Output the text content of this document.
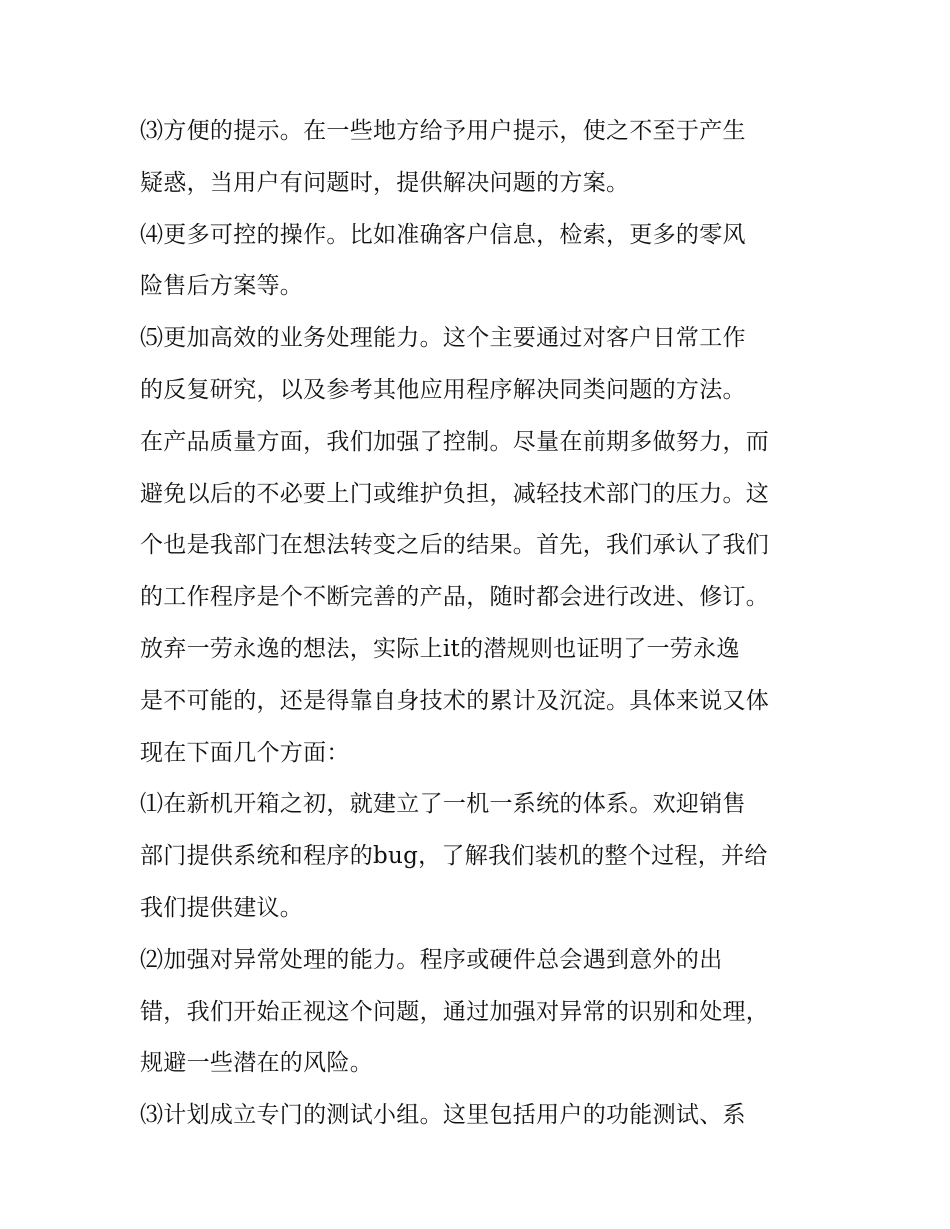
⑶方便的提示。在一些地方给予用户提示，使之不至于产生
疑惑，当用户有问题时，提供解决问题的方案。
⑷更多可控的操作。比如准确客户信息，检索，更多的零风
险售后方案等。
⑸更加高效的业务处理能力。这个主要通过对客户日常工作
的反复研究，以及参考其他应用程序解决同类问题的方法。
在产品质量方面，我们加强了控制。尽量在前期多做努力，而
避免以后的不必要上门或维护负担，减轻技术部门的压力。这
个也是我部门在想法转变之后的结果。首先，我们承认了我们
的工作程序是个不断完善的产品，随时都会进行改进、修订。
放弃一劳永逸的想法，实际上it的潜规则也证明了一劳永逸
是不可能的，还是得靠自身技术的累计及沉淀。具体来说又体
现在下面几个方面：
⑴在新机开箱之初，就建立了一机一系统的体系。欢迎销售
部门提供系统和程序的bug，了解我们装机的整个过程，并给
我们提供建议。
⑵加强对异常处理的能力。程序或硬件总会遇到意外的出
错，我们开始正视这个问题，通过加强对异常的识别和处理，
规避一些潜在的风险。
⑶计划成立专门的测试小组。这里包括用户的功能测试、系
